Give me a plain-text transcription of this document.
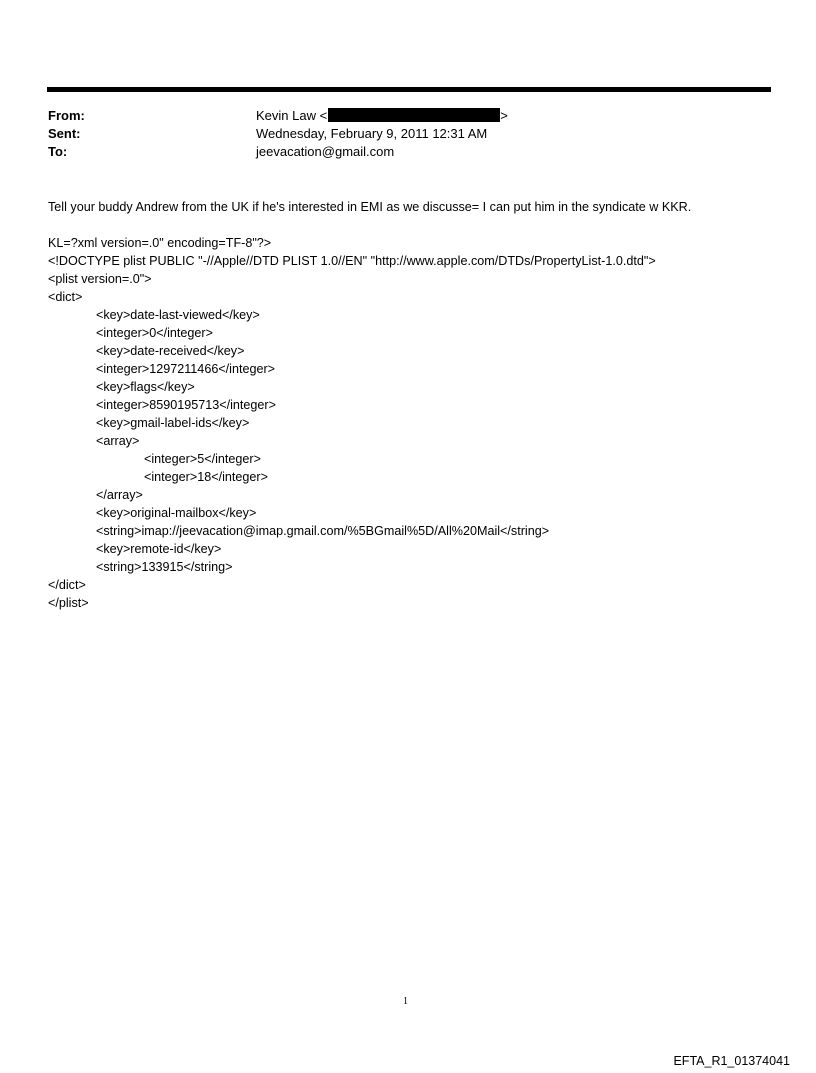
From:	Kevin Law <	>
Sent:	Wednesday, February 9, 2011 12:31 AM
To:	jeevacation@gmail.com
Tell your buddy Andrew from the UK if he's interested in EMI as we discusse= I can put him in the syndicate w KKR.
KL=?xml version=.0" encoding=TF-8"?>
<!DOCTYPE plist PUBLIC "-//Apple//DTD PLIST 1.0//EN" "http://www.apple.com/DTDs/PropertyList-1.0.dtd">
<plist version=.0">
<dict>
<key>date-last-viewed</key>
<integer>0</integer>
<key>date-received</key>
<integer>1297211466</integer>
<key>flags</key>
<integer>8590195713</integer>
<key>gmail-label-ids</key>
<array>
<integer>5</integer>
<integer>18</integer>
</array>
<key>original-mailbox</key>
<string>imap://jeevacation@imap.gmail.com/%5BGmail%5D/All%20Mail</string>
<key>remote-id</key>
<string>133915</string>
</dict>
</plist>
1
EFTA_R1_01374041
